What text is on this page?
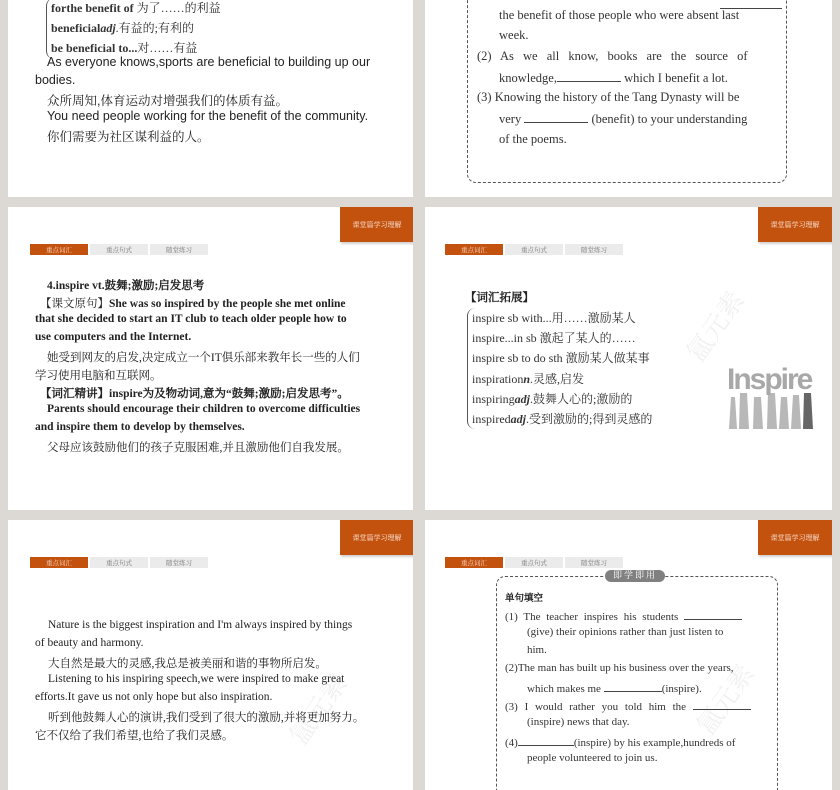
forthe benefit of 为了……的利益
beneficialadj.有益的;有利的
be beneficial to...对……有益
As everyone knows,sports are beneficial to building up our
bodies.
众所周知,体育运动对增强我们的体质有益。
You need people working for the benefit of the community.
你们需要为社区谋利益的人。
the benefit of those people who were absent last
week.
(2) As we all know, books are the source of
knowledge,	which I benefit a lot.
(3) Knowing the history of the Tang Dynasty will be
very	(benefit) to your understanding
of the poems.
课堂篇学习理解
重点词汇	重点句式	随堂练习
4.inspire vt.鼓舞;激励;启发思考
【课文原句】She was so inspired by the people she met online
that she decided to start an IT club to teach older people how to
use computers and the Internet.
她受到网友的启发,决定成立一个IT俱乐部来教年长一些的人们
学习使用电脑和互联网。
【词汇精讲】inspire为及物动词,意为“鼓舞;激励;启发思考”。
Parents should encourage their children to overcome difficulties
and inspire them to develop by themselves.
父母应该鼓励他们的孩子克服困难,并且激励他们自我发展。
课堂篇学习理解
重点词汇	重点句式	随堂练习
氲元素
【词汇拓展】
inspire sb with...用……激励某人
inspire...in sb 激起了某人的……
inspire sb to do sth 激励某人做某事
inspirationn.灵感,启发
inspiringadj.鼓舞人心的;激励的
inspiredadj.受到激励的;得到灵感的
Inspire
课堂篇学习理解
重点词汇	重点句式	随堂练习
氲元素
Nature is the biggest inspiration and I'm always inspired by things
of beauty and harmony.
大自然是最大的灵感,我总是被美丽和谐的事物所启发。
Listening to his inspiring speech,we were inspired to make great
efforts.It gave us not only hope but also inspiration.
听到他鼓舞人心的演讲,我们受到了很大的激励,并将更加努力。
它不仅给了我们希望,也给了我们灵感。
课堂篇学习理解
重点词汇	重点句式	随堂练习
氲元素
即学即用
单句填空
(1) The teacher inspires his students
(give) their opinions rather than just listen to
him.
(2)The man has built up his business over the years,
which makes me	(inspire).
(3) I would rather you told him the
(inspire) news that day.
(4)	(inspire) by his example,hundreds of
people volunteered to join us.
